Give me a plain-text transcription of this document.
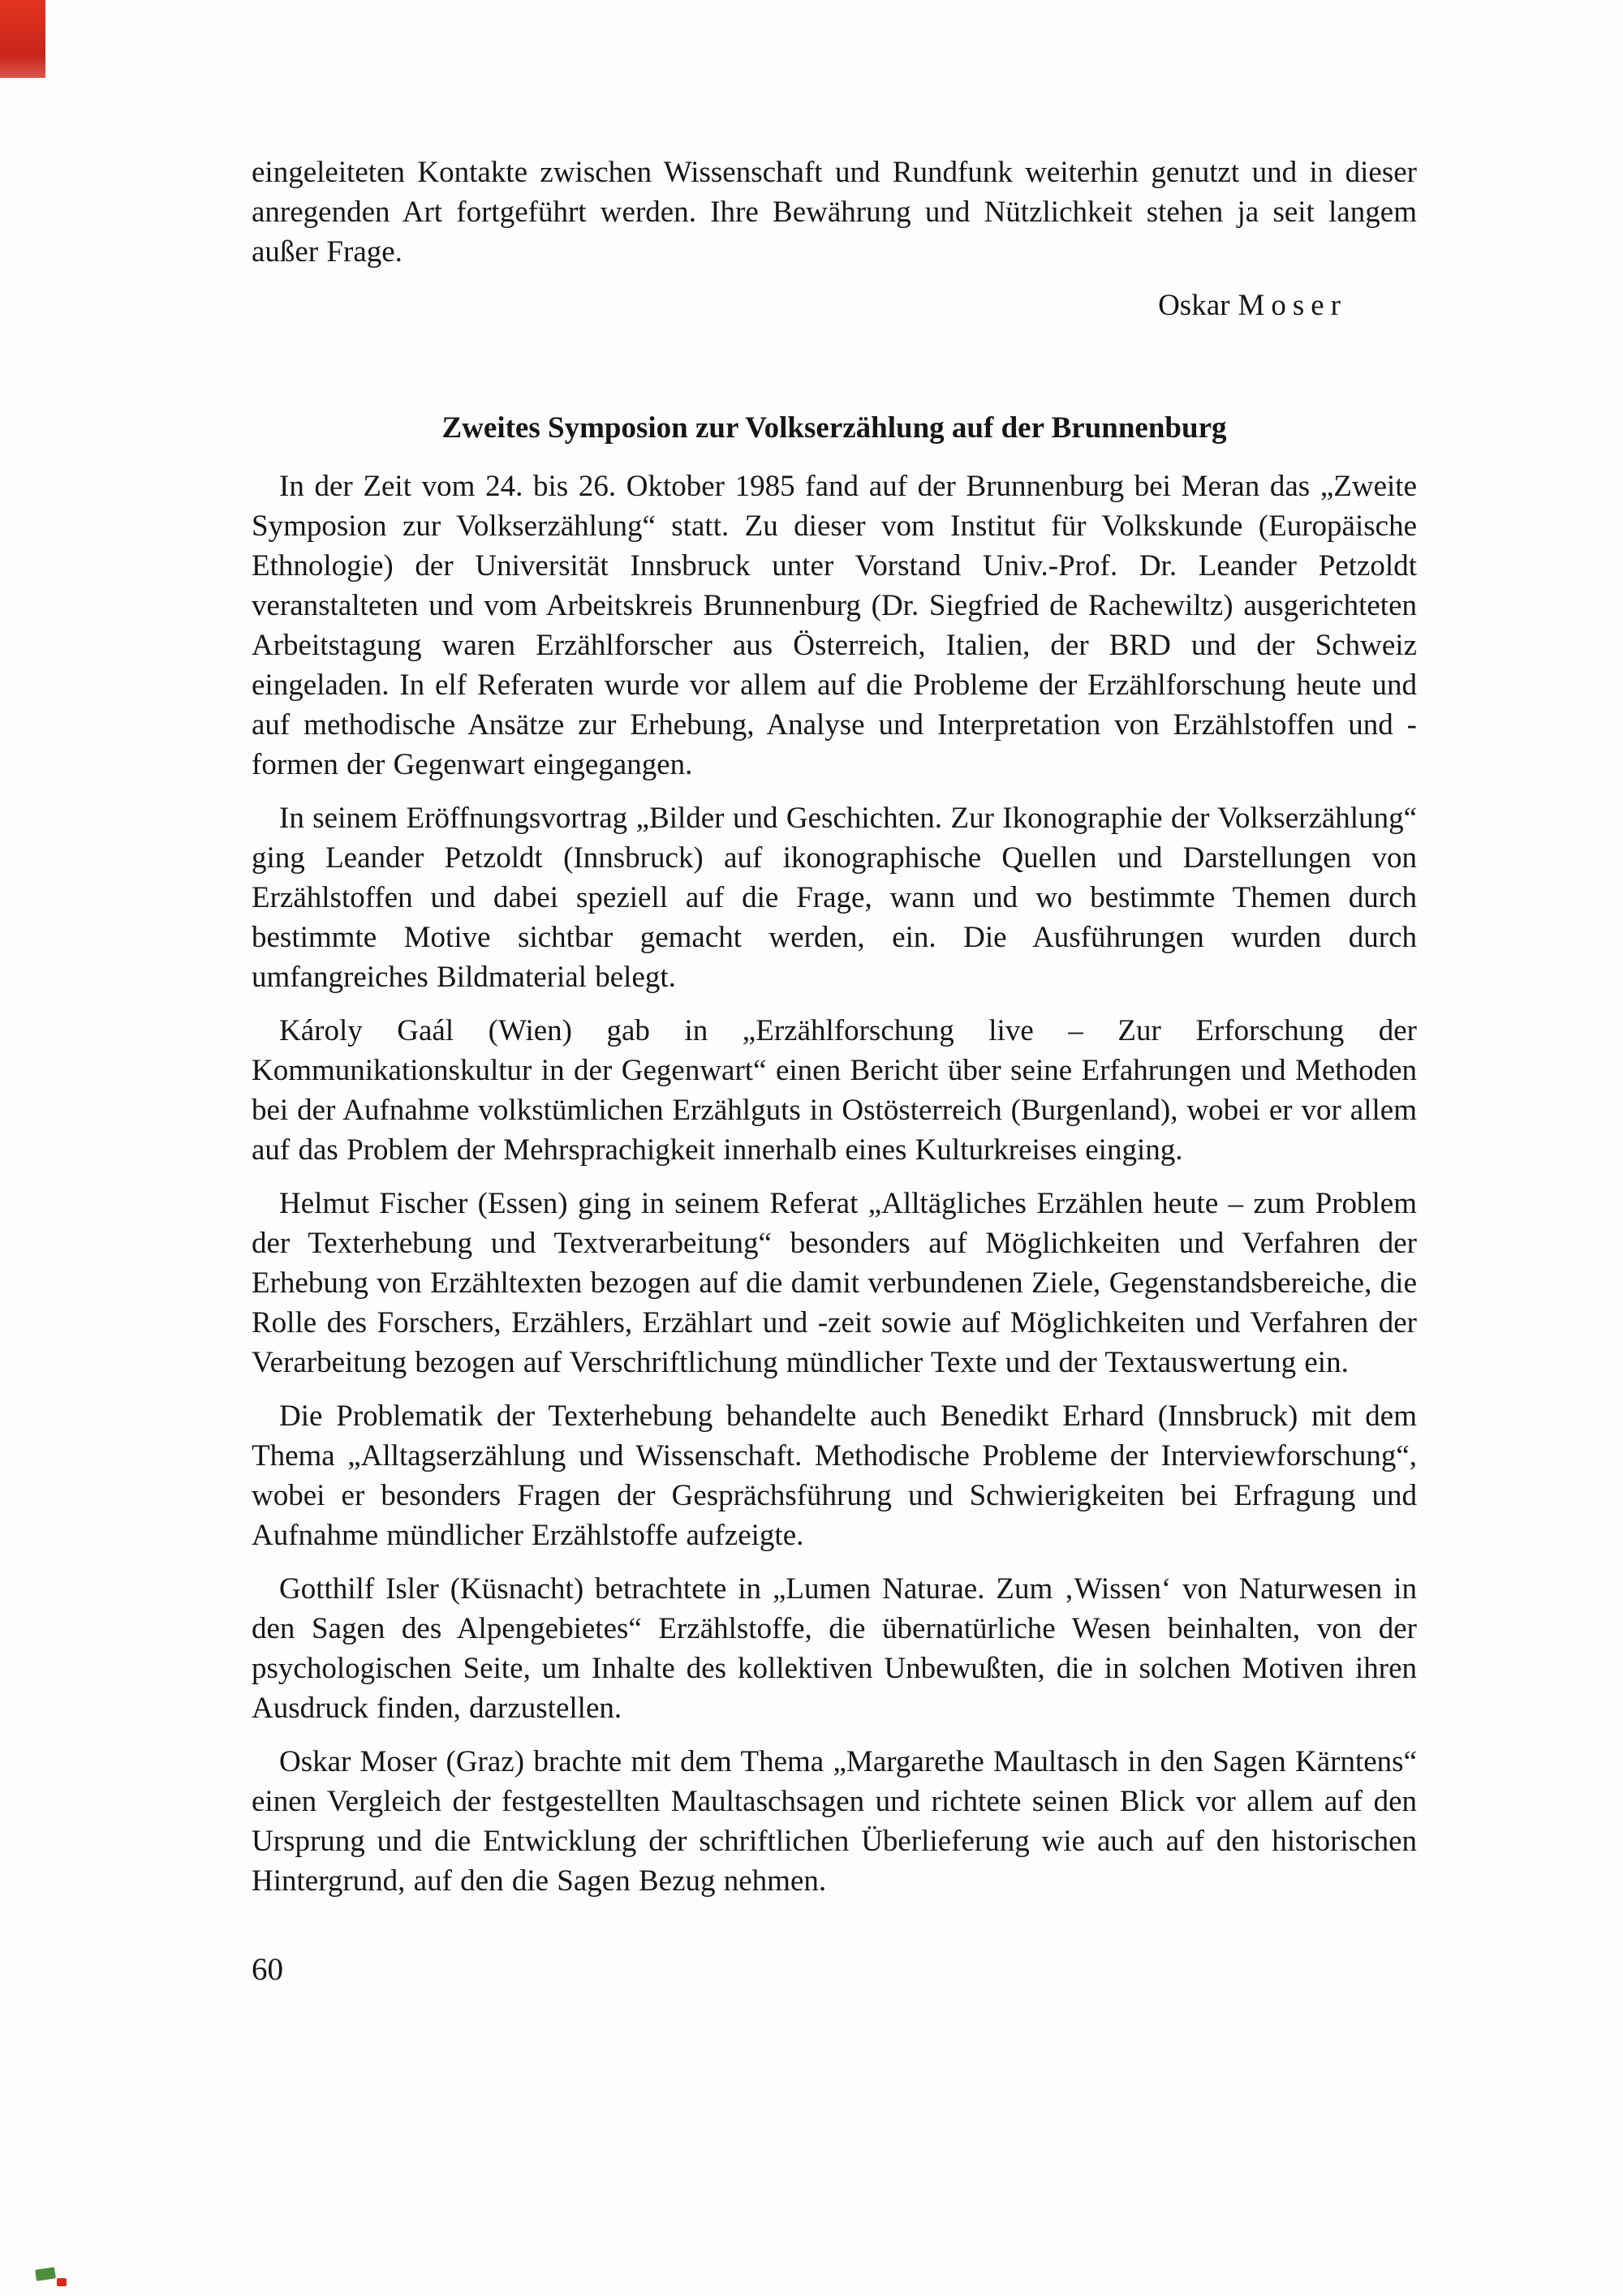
eingeleiteten Kontakte zwischen Wissenschaft und Rundfunk weiterhin genutzt und in dieser anregenden Art fortgeführt werden. Ihre Bewährung und Nützlichkeit stehen ja seit langem außer Frage.

Oskar Moser

Zweites Symposion zur Volkserzählung auf der Brunnenburg

In der Zeit vom 24. bis 26. Oktober 1985 fand auf der Brunnenburg bei Meran das „Zweite Symposion zur Volkserzählung“ statt. Zu dieser vom Institut für Volkskunde (Europäische Ethnologie) der Universität Innsbruck unter Vorstand Univ.-Prof. Dr. Leander Petzoldt veranstalteten und vom Arbeitskreis Brunnenburg (Dr. Siegfried de Rachewiltz) ausgerichteten Arbeitstagung waren Erzählforscher aus Österreich, Italien, der BRD und der Schweiz eingeladen. In elf Referaten wurde vor allem auf die Probleme der Erzählforschung heute und auf methodische Ansätze zur Erhebung, Analyse und Interpretation von Erzählstoffen und -formen der Gegenwart eingegangen.

In seinem Eröffnungsvortrag „Bilder und Geschichten. Zur Ikonographie der Volkserzählung“ ging Leander Petzoldt (Innsbruck) auf ikonographische Quellen und Darstellungen von Erzählstoffen und dabei speziell auf die Frage, wann und wo bestimmte Themen durch bestimmte Motive sichtbar gemacht werden, ein. Die Ausführungen wurden durch umfangreiches Bildmaterial belegt.

Károly Gaál (Wien) gab in „Erzählforschung live – Zur Erforschung der Kommunikationskultur in der Gegenwart“ einen Bericht über seine Erfahrungen und Methoden bei der Aufnahme volkstümlichen Erzählguts in Ostösterreich (Burgenland), wobei er vor allem auf das Problem der Mehrsprachigkeit innerhalb eines Kulturkreises einging.

Helmut Fischer (Essen) ging in seinem Referat „Alltägliches Erzählen heute – zum Problem der Texterhebung und Textverarbeitung“ besonders auf Möglichkeiten und Verfahren der Erhebung von Erzähltexten bezogen auf die damit verbundenen Ziele, Gegenstandsbereiche, die Rolle des Forschers, Erzählers, Erzählart und -zeit sowie auf Möglichkeiten und Verfahren der Verarbeitung bezogen auf Verschriftlichung mündlicher Texte und der Textauswertung ein.

Die Problematik der Texterhebung behandelte auch Benedikt Erhard (Innsbruck) mit dem Thema „Alltagserzählung und Wissenschaft. Methodische Probleme der Interviewforschung“, wobei er besonders Fragen der Gesprächsführung und Schwierigkeiten bei Erfragung und Aufnahme mündlicher Erzählstoffe aufzeigte.

Gotthilf Isler (Küsnacht) betrachtete in „Lumen Naturae. Zum ‚Wissen‘ von Naturwesen in den Sagen des Alpengebietes“ Erzählstoffe, die übernatürliche Wesen beinhalten, von der psychologischen Seite, um Inhalte des kollektiven Unbewußten, die in solchen Motiven ihren Ausdruck finden, darzustellen.

Oskar Moser (Graz) brachte mit dem Thema „Margarethe Maultasch in den Sagen Kärntens“ einen Vergleich der festgestellten Maultaschsagen und richtete seinen Blick vor allem auf den Ursprung und die Entwicklung der schriftlichen Überlieferung wie auch auf den historischen Hintergrund, auf den die Sagen Bezug nehmen.

60
